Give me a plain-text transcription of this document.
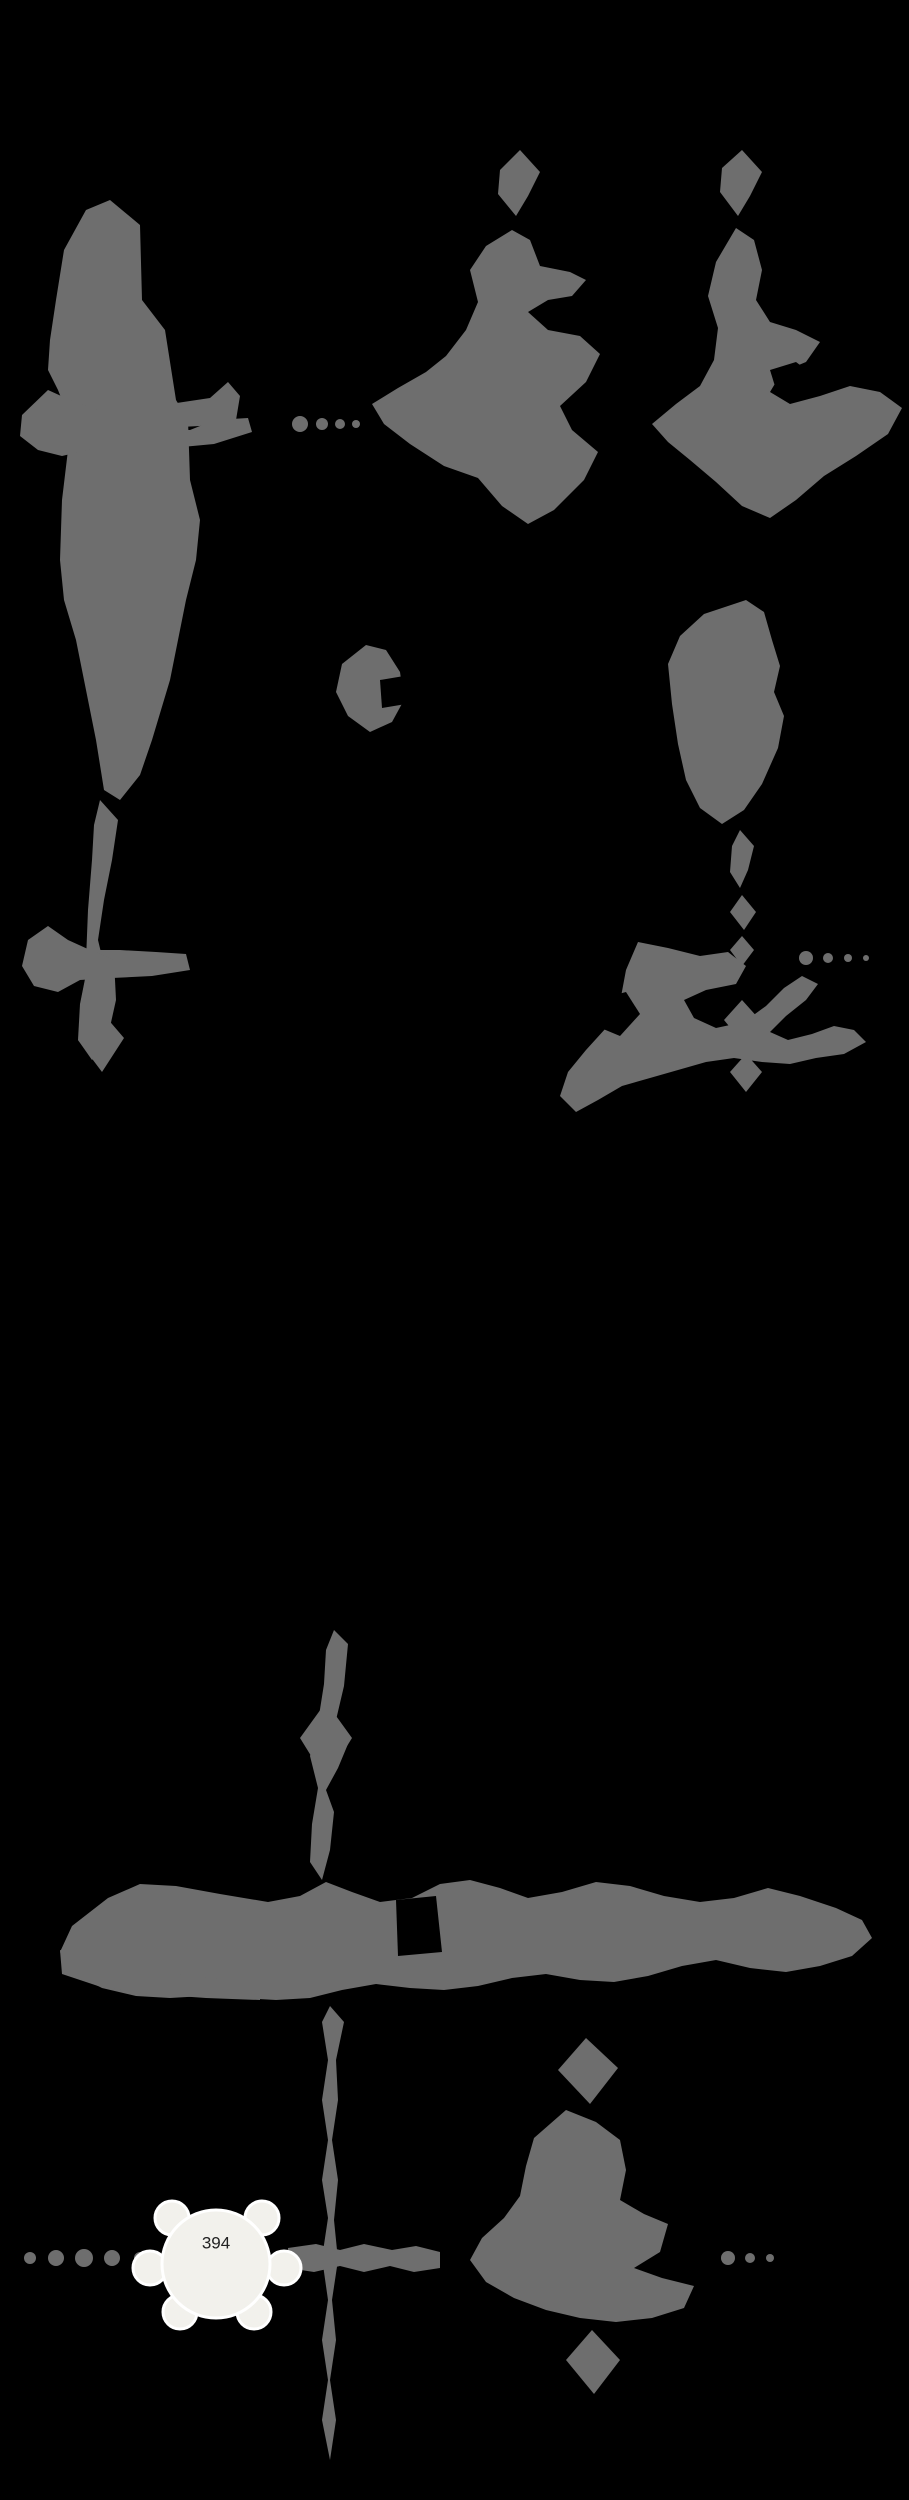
394
